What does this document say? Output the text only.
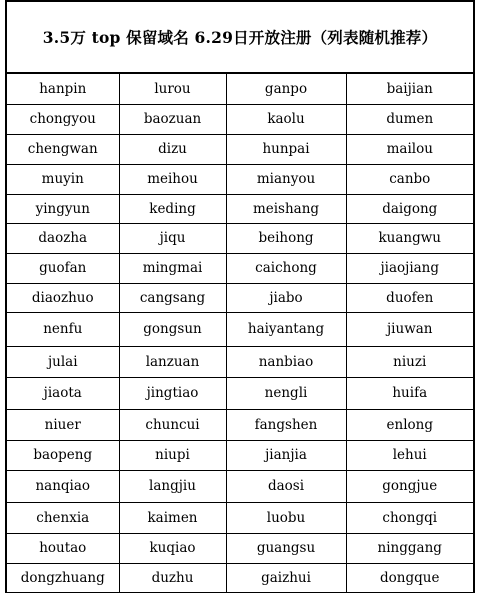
3.5万 top 保留域名 6.29日开放注册（列表随机推荐）
hanpin	lurou	ganpo	baijian
chongyou	baozuan	kaolu	dumen
chengwan	dizu	hunpai	mailou
muyin	meihou	mianyou	canbo
yingyun	keding	meishang	daigong
daozha	jiqu	beihong	kuangwu
guofan	mingmai	caichong	jiaojiang
diaozhuo	cangsang	jiabo	duofen
nenfu	gongsun	haiyantang	jiuwan
julai	lanzuan	nanbiao	niuzi
jiaota	jingtiao	nengli	huifa
niuer	chuncui	fangshen	enlong
baopeng	niupi	jianjia	lehui
nanqiao	langjiu	daosi	gongjue
chenxia	kaimen	luobu	chongqi
houtao	kuqiao	guangsu	ninggang
dongzhuang	duzhu	gaizhui	dongque
